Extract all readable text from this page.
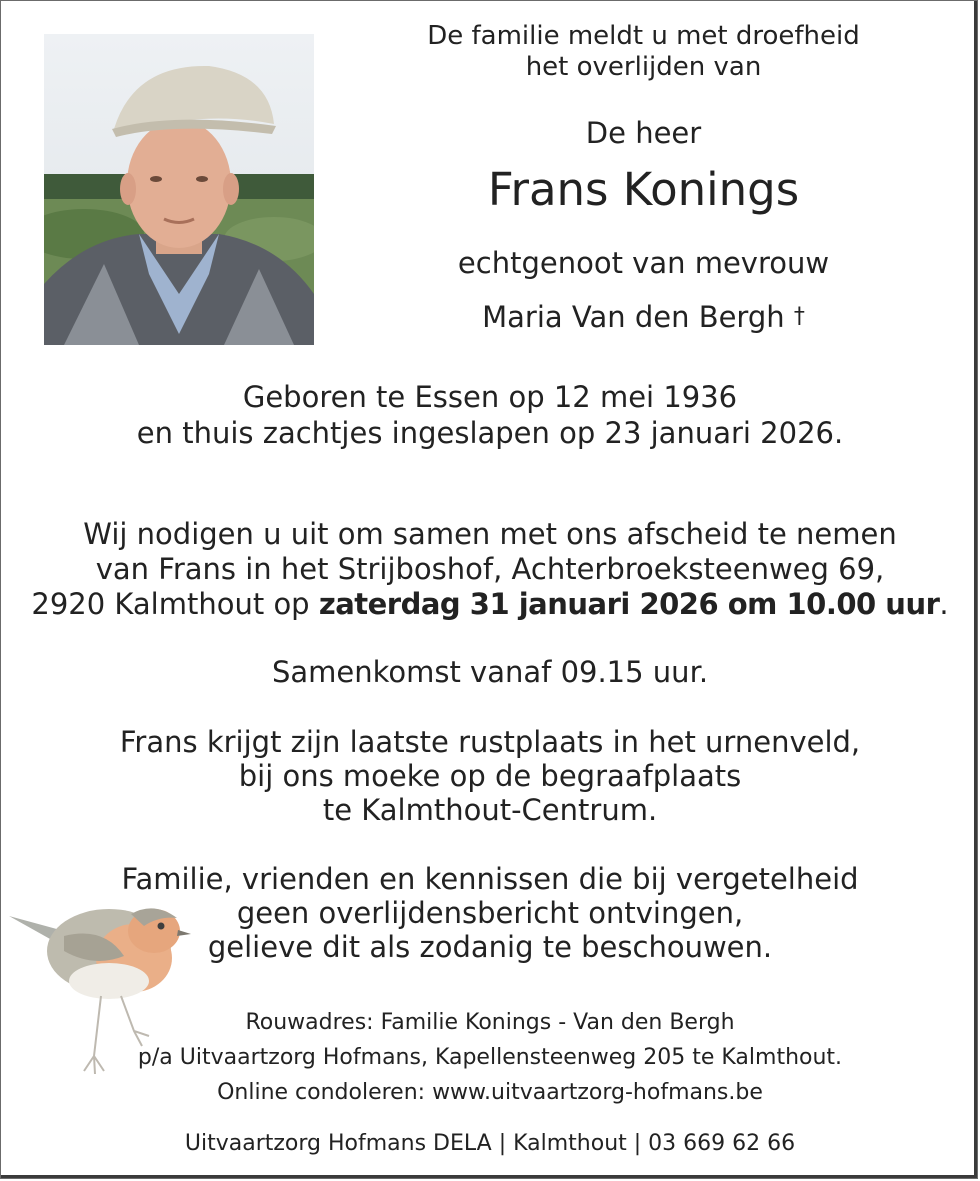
De familie meldt u met droefheid
het overlijden van
De heer
Frans Konings
echtgenoot van mevrouw
Maria Van den Bergh †
Geboren te Essen op 12 mei 1936
en thuis zachtjes ingeslapen op 23 januari 2026.
Wij nodigen u uit om samen met ons afscheid te nemen
van Frans in het Strijboshof, Achterbroeksteenweg 69,
2920 Kalmthout op zaterdag 31 januari 2026 om 10.00 uur.
Samenkomst vanaf 09.15 uur.
Frans krijgt zijn laatste rustplaats in het urnenveld,
bij ons moeke op de begraafplaats
te Kalmthout-Centrum.
Familie, vrienden en kennissen die bij vergetelheid
geen overlijdensbericht ontvingen,
gelieve dit als zodanig te beschouwen.
Rouwadres: Familie Konings - Van den Bergh
p/a Uitvaartzorg Hofmans, Kapellensteenweg 205 te Kalmthout.
Online condoleren: www.uitvaartzorg-hofmans.be
Uitvaartzorg Hofmans DELA | Kalmthout | 03 669 62 66
